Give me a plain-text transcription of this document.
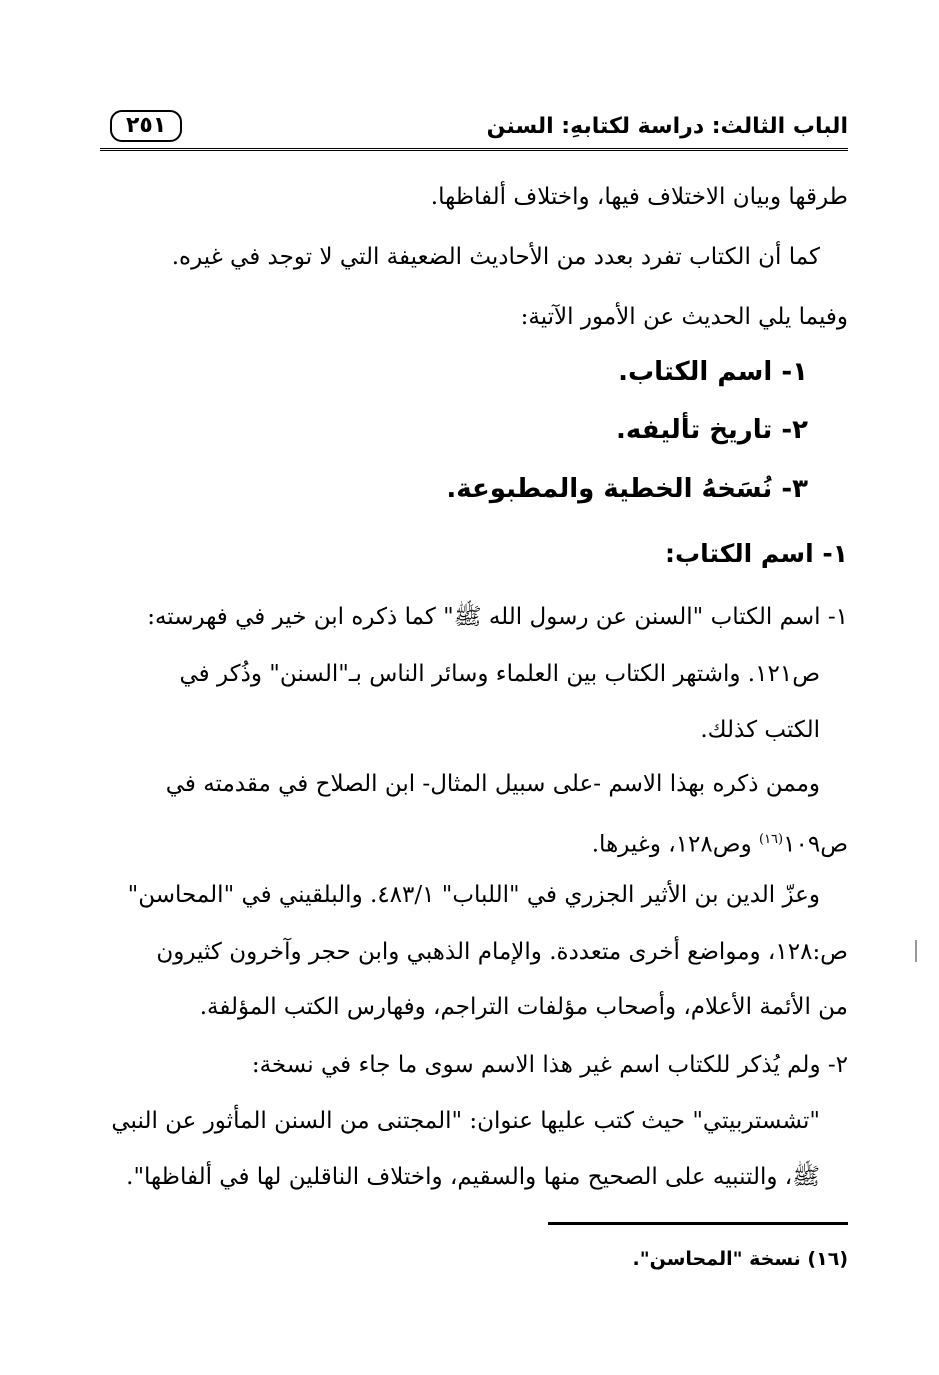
الباب الثالث: دراسة لكتابهِ: السنن
٢٥١
طرقها وبيان الاختلاف فيها، واختلاف ألفاظها.
كما أن الكتاب تفرد بعدد من الأحاديث الضعيفة التي لا توجد في غيره.
وفيما يلي الحديث عن الأمور الآتية:
١- اسم الكتاب.
٢- تاريخ تأليفه.
٣- نُسَخهُ الخطية والمطبوعة.
١- اسم الكتاب:
١- اسم الكتاب "السنن عن رسول الله ﷺ" كما ذكره ابن خير في فهرسته:
ص١٢١. واشتهر الكتاب بين العلماء وسائر الناس بـ"السنن" وذُكر في
الكتب كذلك.
وممن ذكره بهذا الاسم -على سبيل المثال- ابن الصلاح في مقدمته في
ص١٠٩$^{(١٦)}$ وص١٢٨، وغيرها.
وعزّ الدين بن الأثير الجزري في "اللباب" ٤٨٣/١. والبلقيني في "المحاسن"
ص:١٢٨، ومواضع أخرى متعددة. والإمام الذهبي وابن حجر وآخرون كثيرون
من الأئمة الأعلام، وأصحاب مؤلفات التراجم، وفهارس الكتب المؤلفة.
٢- ولم يُذكر للكتاب اسم غير هذا الاسم سوى ما جاء في نسخة:
"تشستربيتي" حيث كتب عليها عنوان: "المجتنى من السنن المأثور عن النبي
ﷺ، والتنبيه على الصحيح منها والسقيم، واختلاف الناقلين لها في ألفاظها".
(١٦) نسخة "المحاسن".
